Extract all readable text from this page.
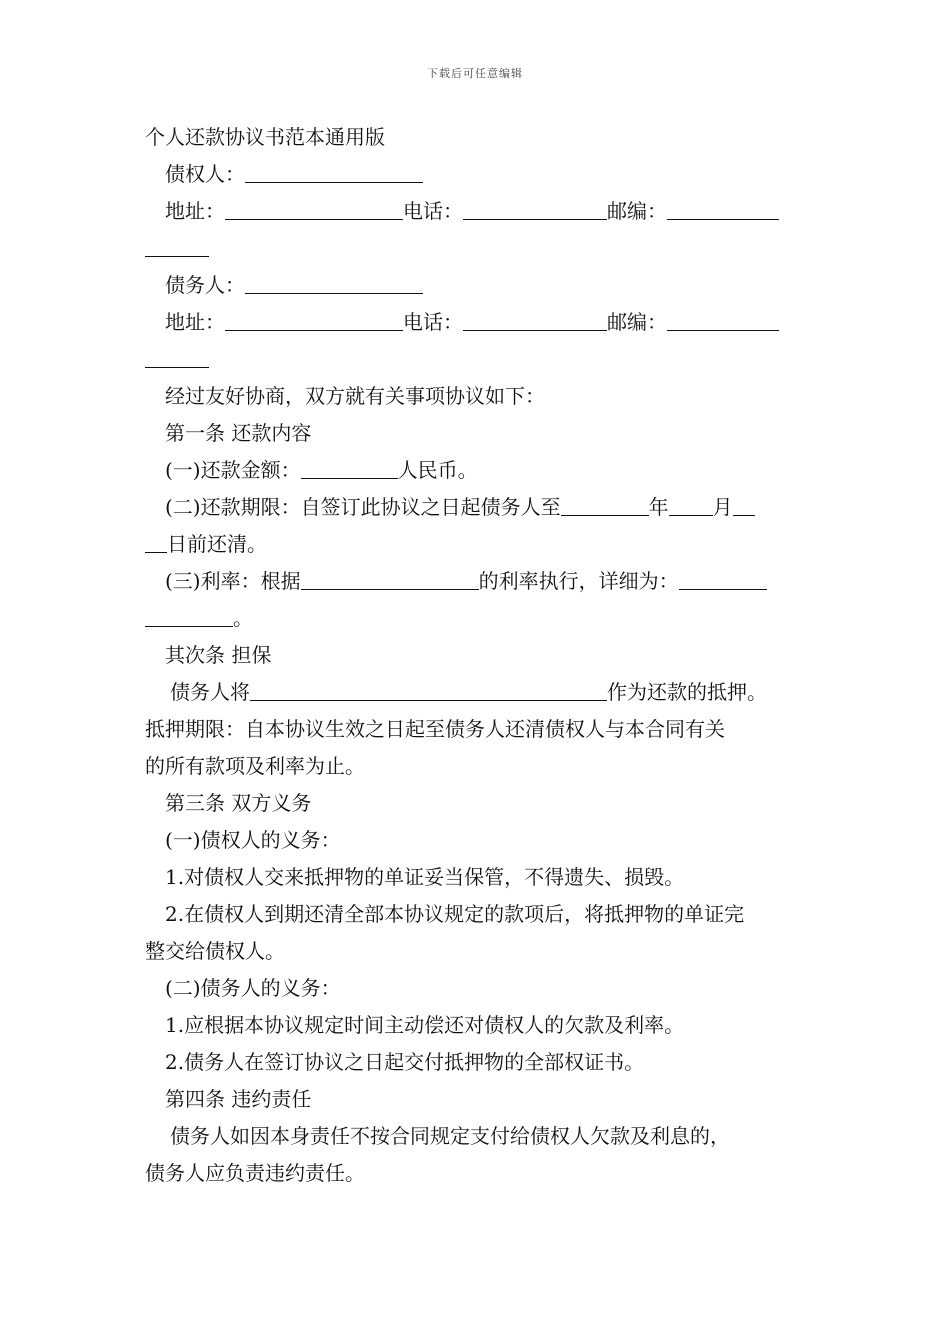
下载后可任意编辑
个人还款协议书范本通用版
债权人：
地址：	电话：	邮编：
债务人：
地址：	电话：	邮编：
经过友好协商，双方就有关事项协议如下：
第一条 还款内容
(一)还款金额：	人民币。
(二)还款期限：自签订此协议之日起债务人至	年 月
日前还清。
(三)利率：根据	的利率执行，详细为：
。
其次条 担保
债务人将	作为还款的抵押。
抵押期限：自本协议生效之日起至债务人还清债权人与本合同有关
的所有款项及利率为止。
第三条 双方义务
(一)债权人的义务：
1.对债权人交来抵押物的单证妥当保管，不得遗失、损毁。
2.在债权人到期还清全部本协议规定的款项后，将抵押物的单证完
整交给债权人。
(二)债务人的义务：
1.应根据本协议规定时间主动偿还对债权人的欠款及利率。
2.债务人在签订协议之日起交付抵押物的全部权证书。
第四条 违约责任
债务人如因本身责任不按合同规定支付给债权人欠款及利息的，
债务人应负责违约责任。
